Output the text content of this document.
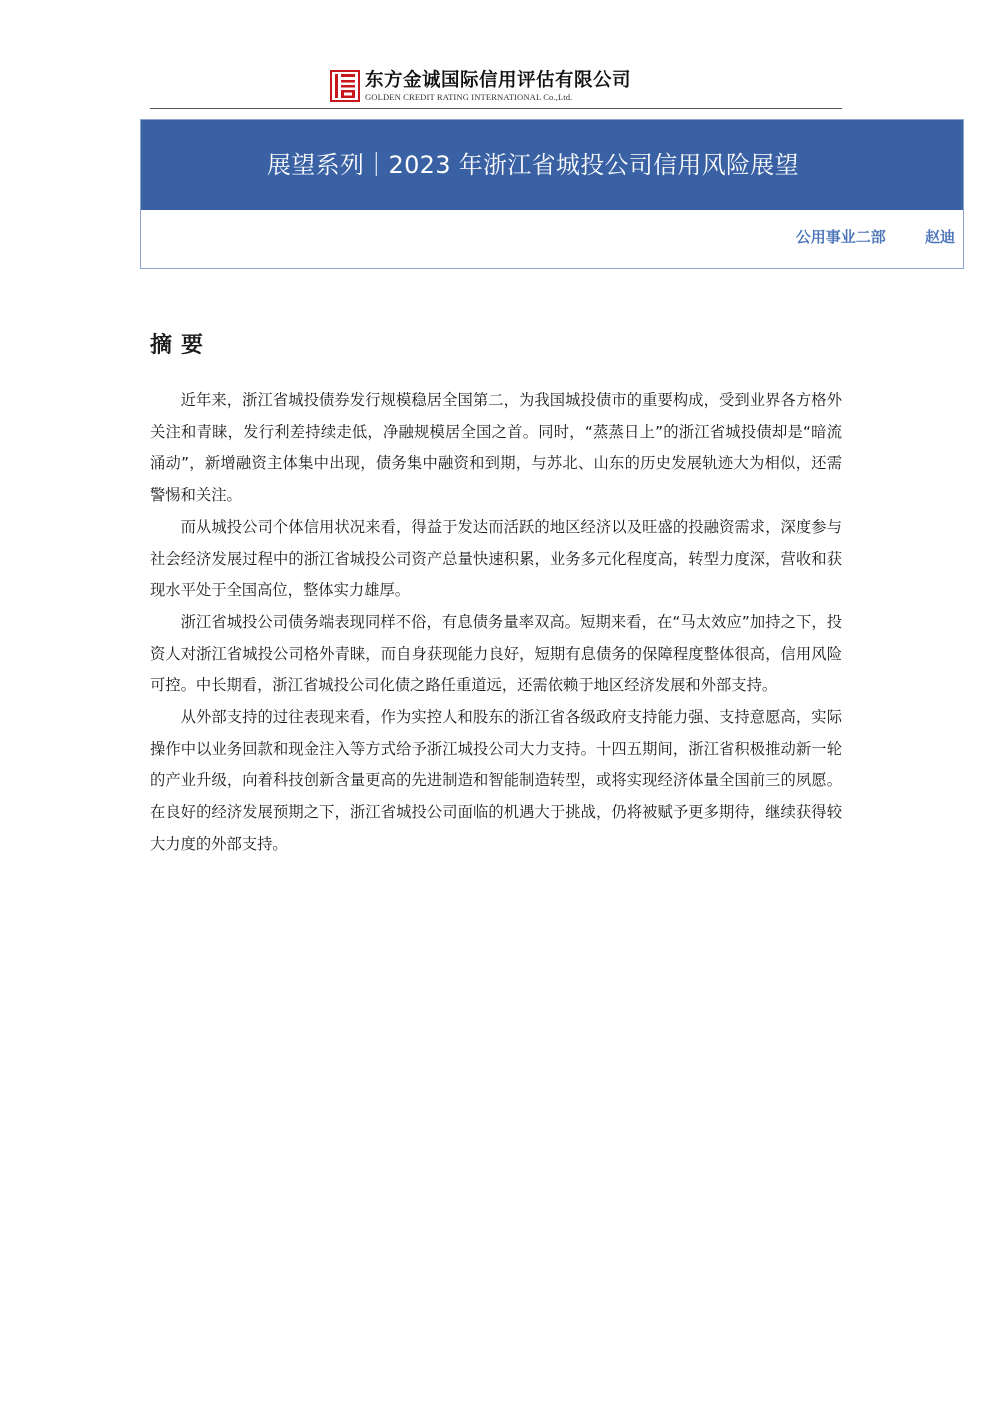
东方金诚国际信用评估有限公司
GOLDEN CREDIT RATING INTERNATIONAL Co.,Ltd.
展望系列｜2023 年浙江省城投公司信用风险展望
公用事业二部	赵迪
摘要

近年来，浙江省城投债券发行规模稳居全国第二，为我国城投债市的重要构成，受到业界各方格外关注和青睐，发行利差持续走低，净融规模居全国之首。同时，“蒸蒸日上”的浙江省城投债却是“暗流涌动”，新增融资主体集中出现，债务集中融资和到期，与苏北、山东的历史发展轨迹大为相似，还需警惕和关注。

而从城投公司个体信用状况来看，得益于发达而活跃的地区经济以及旺盛的投融资需求，深度参与社会经济发展过程中的浙江省城投公司资产总量快速积累，业务多元化程度高，转型力度深，营收和获现水平处于全国高位，整体实力雄厚。

浙江省城投公司债务端表现同样不俗，有息债务量率双高。短期来看，在“马太效应”加持之下，投资人对浙江省城投公司格外青睐，而自身获现能力良好，短期有息债务的保障程度整体很高，信用风险可控。中长期看，浙江省城投公司化债之路任重道远，还需依赖于地区经济发展和外部支持。

从外部支持的过往表现来看，作为实控人和股东的浙江省各级政府支持能力强、支持意愿高，实际操作中以业务回款和现金注入等方式给予浙江城投公司大力支持。十四五期间，浙江省积极推动新一轮的产业升级，向着科技创新含量更高的先进制造和智能制造转型，或将实现经济体量全国前三的夙愿。在良好的经济发展预期之下，浙江省城投公司面临的机遇大于挑战，仍将被赋予更多期待，继续获得较大力度的外部支持。
